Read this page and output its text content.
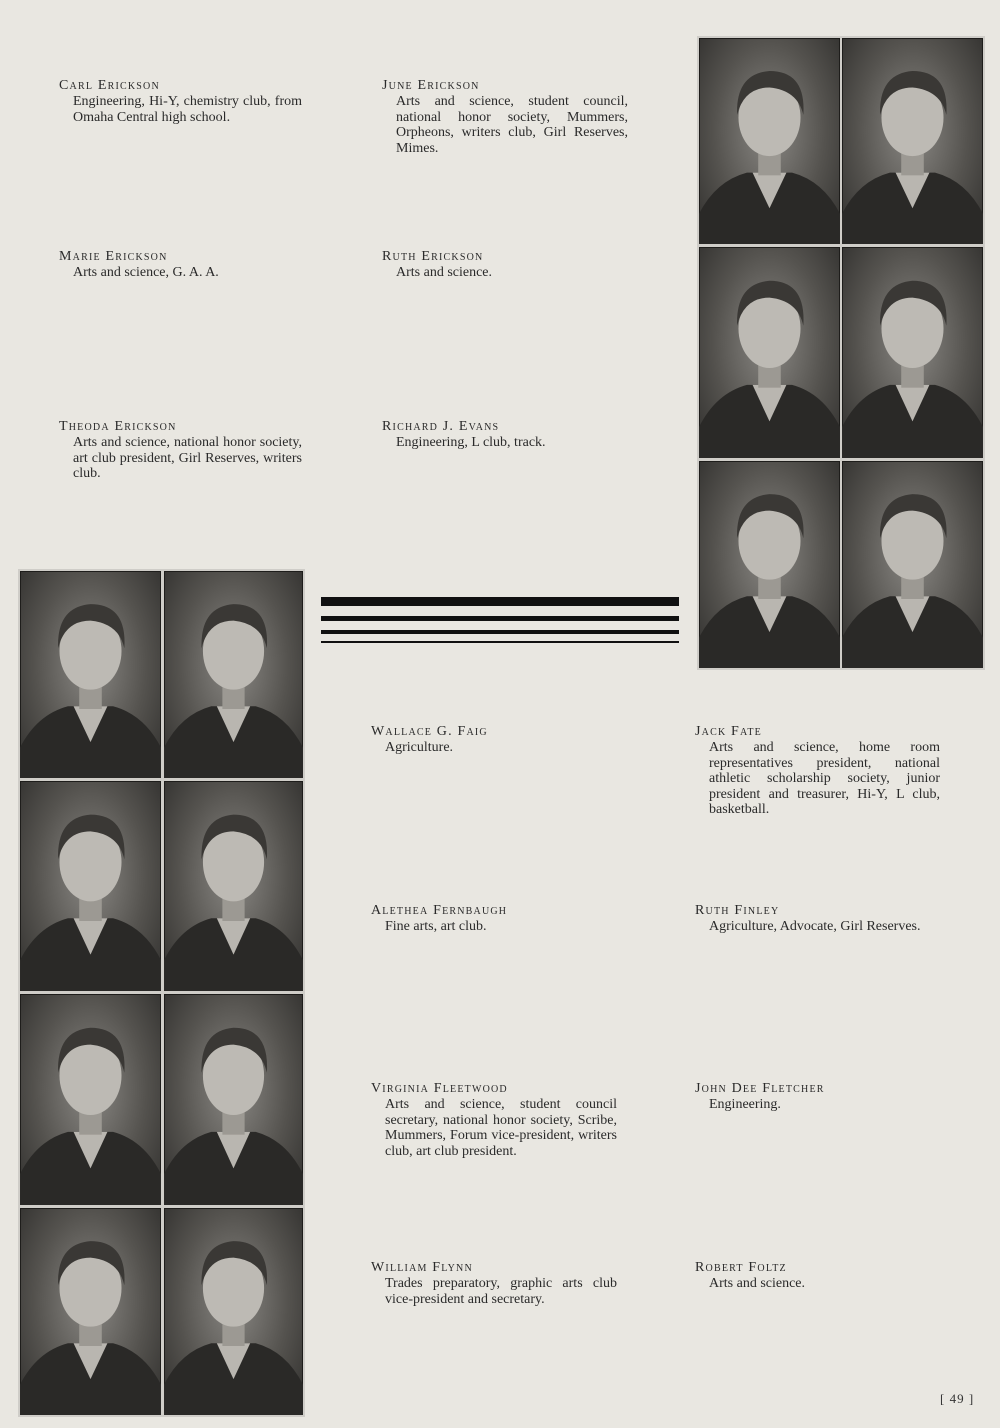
Carl Erickson
Engineering, Hi-Y, chemistry club, from Omaha Central high school.
June Erickson
Arts and science, student council, national honor society, Mummers, Orpheons, writers club, Girl Reserves, Mimes.
Marie Erickson
Arts and science, G. A. A.
Ruth Erickson
Arts and science.
Theoda Erickson
Arts and science, national honor society, art club president, Girl Reserves, writers club.
Richard J. Evans
Engineering, L club, track.
Wallace G. Faig
Agriculture.
Jack Fate
Arts and science, home room representatives president, national athletic scholarship society, junior president and treasurer, Hi-Y, L club, basketball.
Alethea Fernbaugh
Fine arts, art club.
Ruth Finley
Agriculture, Advocate, Girl Reserves.
Virginia Fleetwood
Arts and science, student council secretary, national honor society, Scribe, Mummers, Forum vice-president, writers club, art club president.
John Dee Fletcher
Engineering.
William Flynn
Trades preparatory, graphic arts club vice-president and secretary.
Robert Foltz
Arts and science.
[ 49 ]
